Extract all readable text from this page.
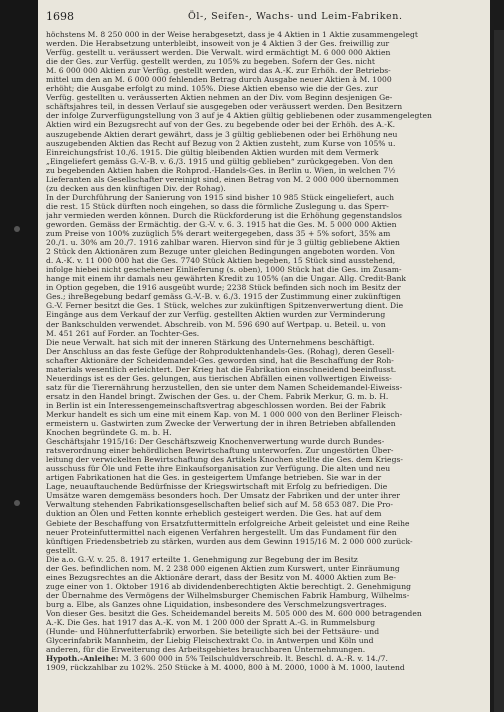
1698	Öl-, Seifen-, Wachs- und Leim-Fabriken.
höchstens M. 8 250 000 in der Weise herabgesetzt, dass je 4 Aktien in 1 Aktie zusammengelegt
werden. Die Herabsetzung unterbleibt, insoweit von je 4 Aktien 3 der Ges. freiwillig zur
Verfüg. gestellt u. veräussert werden. Die Verwalt. wird ermächtigt M. 6 000 000 Aktien
die der Ges. zur Verfüg. gestellt werden, zu 105% zu begeben. Sofern der Ges. nicht
M. 6 000 000 Aktien zur Verfüg. gestellt werden, wird das A.-K. zur Erhöh. der Betriebs-
mittel um den an M. 6 000 000 fehlenden Betrag durch Ausgabe neuer Aktien à M. 1000
erhöht; die Ausgabe erfolgt zu mind. 105%. Diese Aktien ebenso wie die der Ges. zur
Verfüg. gestellten u. veräusserten Aktien nehmen an der Div. vom Beginn desjenigen Ge-
schäftsjahres teil, in dessen Verlauf sie ausgegeben oder veräussert werden. Den Besitzern
der infolge Zurverfügungstellung von 3 auf je 4 Aktien gültig gebliebenen oder zusammengelegten
Aktien wird ein Bezugsrecht auf von der Ges. zu begebende oder bei der Erhöh. des A.-K.
auszugebende Aktien derart gewährt, dass je 3 gültig gebliebenen oder bei Erhöhung neu
auszugebenden Aktien das Recht auf Bezug von 2 Aktien zusteht, zum Kurse von 105% u.
Einreichungsfrist 10./6. 1915. Die gültig bleibenden Aktien wurden mit dem Vermerk
„Eingeliefert gemäss G.-V.-B. v. 6./3. 1915 und gültig geblieben“ zurückgegeben. Von den
zu begebenden Aktien haben die Rohprod.-Handels-Ges. in Berlin u. Wien, in welchen 7½
Lieferanten als Gesellschafter vereinigt sind, einen Betrag von M. 2 000 000 übernommen
(zu decken aus den künftigen Div. der Rohag).
In der Durchführung der Sanierung von 1915 sind bisher 10 985 Stück eingeliefert, auch
die rest. 15 Stück dürften noch eingehen, so dass die förmliche Zuslegung u. das Sperr-
jahr vermieden werden können. Durch die Rückforderung ist die Erhöhung gegenstandslos
geworden. Gemäss der Ermächtig. der G.-V. v. 6. 3. 1915 hat die Ges. M. 5 000 000 Aktien
zum Preise von 100% zuzüglich 5% derart weitergegeben, dass 35 + 5% sofort, 35% am
20./1. u. 30% am 20./7. 1916 zahlbar waren. Hiervon sind für je 3 gültig gebliebene Aktien
2 Stück den Aktionären zum Bezuge unter gleichen Bedingungen angeboten worden. Von
d. A.-K. v. 11 000 000 hat die Ges. 7740 Stück Aktien begeben, 15 Stück sind ausstehend,
infolge hiebei nicht geschehener Einlieferung (s. oben), 1000 Stück hat die Ges. im Zusam-
hange mit einem ihr damals neu gewährten Kredit zu 105% (an die Ungar. Allg. Credit-Bank
in Option gegeben, die 1916 ausgeübt wurde; 2238 Stück befinden sich noch im Besitz der
Ges.; ihreBegebung bedarf gemäss G.-V.-B. v. 6./3. 1915 der Zustimmung einer zukünftigen
G.-V. Ferner besitzt die Ges. 1 Stück, welches zur zukünftigen Spitzenverwertung dient. Die
Eingänge aus dem Verkauf der zur Verfüg. gestellten Aktien wurden zur Verminderung
der Bankschulden verwendet. Abschreib. von M. 596 690 auf Wertpap. u. Beteil. u. von
M. 451 261 auf Forder. an Tochter-Ges.
Die neue Verwalt. hat sich mit der inneren Stärkung des Unternehmens beschäftigt.
Der Anschluss an das feste Gefüge der Rohproduktenhandels-Ges. (Rohag), deren Gesell-
schafter Aktionäre der Scheidemandel-Ges. geworden sind, hat die Beschaffung der Roh-
materials wesentlich erleichtert. Der Krieg hat die Fabrikation einschneidend beeinflusst.
Neuerdings ist es der Ges. gelungen, aus tierischen Abfällen einen vollwertigen Eiweiss-
satz für die Tierernährung herzustellen, den sie unter dem Namen Scheidemandel-Eiweiss-
ersatz in den Handel bringt. Zwischen der Ges. u. der Chem. Fabrik Merkur, G. m. b. H.
in Berlin ist ein Interessengemeinschaftsvertrag abgeschlossen worden. Bei der Fabrik
Merkur handelt es sich um eine mit einem Kap. von M. 1 000 000 von den Berliner Fleisch-
ermeistern u. Gastwirten zum Zwecke der Verwertung der in ihren Betrieben abfallenden
Knochen begründete G. m. b. H.
Geschäftsjahr 1915/16: Der Geschäftszweig Knochenverwertung wurde durch Bundes-
ratsverordnung einer behördlichen Bewirtschaftung unterworfen. Zur ungestörten Über-
leitung der verwickelten Bewirtschaftung des Artikels Knochen stellte die Ges. dem Kriegs-
ausschuss für Öle und Fette ihre Einkaufsorganisation zur Verfügung. Die alten und neu
artigen Fabrikationen hat die Ges. in gesteigertem Umfange betrieben. Sie war in der
Lage, neuauftauchende Bedürfnisse der Kriegswirtschaft mit Erfolg zu befriedigen. Die
Umsätze waren demgemäss besonders hoch. Der Umsatz der Fabriken und der unter ihrer
Verwaltung stehenden Fabrikationsgesellschaften belief sich auf M. 58 653 087. Die Pro-
duktion an Ölen und Fetten konnte erheblich gesteigert werden. Die Ges. hat auf dem
Gebiete der Beschaffung von Ersatzfuttermitteln erfolgreiche Arbeit geleistet und eine Reihe
neuer Proteinfuttermittel nach eigenen Verfahren hergestellt. Um das Fundament für den
künftigen Friedensbetrieb zu stärken, wurden aus dem Gewinn 1915/16 M. 2 000 000 zurück-
gestellt.
Die a.o. G.-V. v. 25. 8. 1917 erteilte 1. Genehmigung zur Begebung der im Besitz
der Ges. befindlichen nom. M. 2 238 000 eigenen Aktien zum Kurswert, unter Einräumung
eines Bezugsrechtes an die Aktionäre derart, dass der Besitz von M. 4000 Aktien zum Be-
zuge einer von 1. Oktober 1916 ab dividendenberechtigten Aktie berechtigt. 2. Genehmigung
der Übernahme des Vermögens der Wilhelmsburger Chemischen Fabrik Hamburg, Wilhelms-
burg a. Elbe, als Ganzes ohne Liquidation, insbesondere des Verschmelzungsvertrages.
Von dieser Ges. besitzt die Ges. Scheidemandel bereits M. 505 000 des M. 600 000 betragenden
A.-K. Die Ges. hat 1917 das A.-K. von M. 1 200 000 der Spratt A.-G. in Rummelsburg
(Hunde- und Hühnerfutterfabrik) erworben. Sie beteiligte sich bei der Fettsäure- und
Glycerinfabrik Mannheim, der Liebig Fleischextrakt Co. in Antwerpen und Köln und
anderen, für die Erweiterung des Arbeitsgebietes brauchbaren Unternehmungen.
Hypoth.-Anleihe: M. 3 600 000 in 5% Teilschuldverschreib. lt. Beschl. d. A.-R. v. 14./7.
1909, rückzahlbar zu 102%. 250 Stücke à M. 4000, 800 à M. 2000, 1000 à M. 1000, lautend
